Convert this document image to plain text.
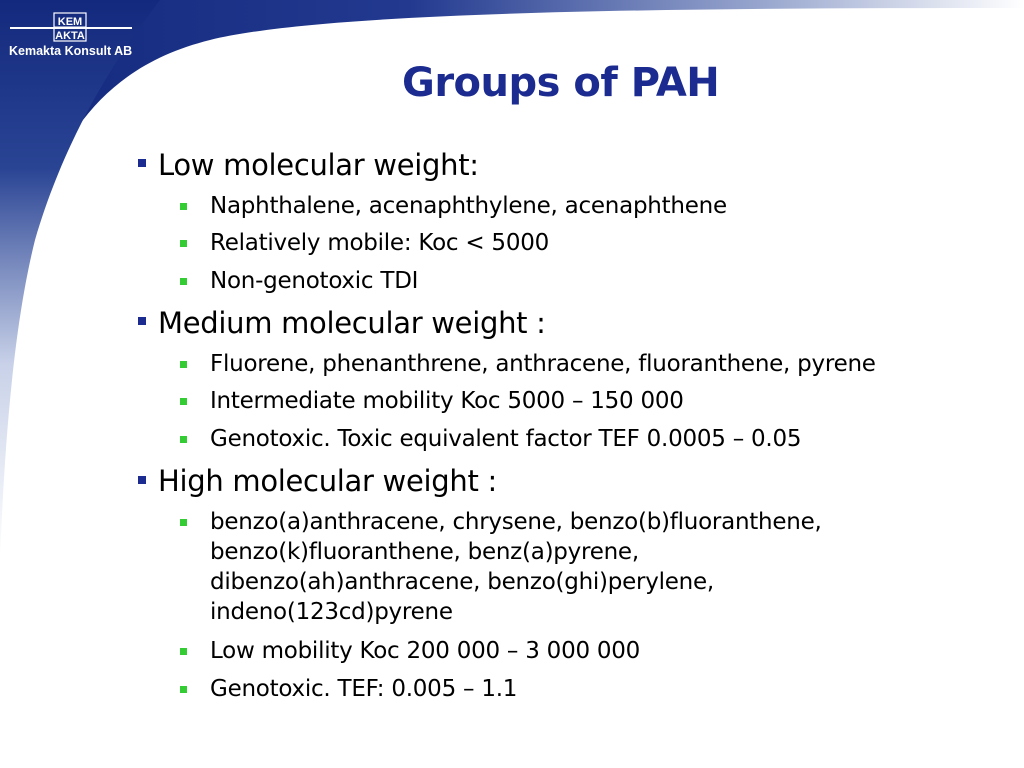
KEM
AKTA
Kemakta Konsult AB
Groups of PAH
Low molecular weight:
Naphthalene, acenaphthylene, acenaphthene
Relatively mobile: Koc < 5000
Non-genotoxic TDI
Medium molecular weight :
Fluorene, phenanthrene, anthracene, fluoranthene, pyrene
Intermediate mobility Koc 5000 – 150 000
Genotoxic. Toxic equivalent factor TEF 0.0005 – 0.05
High molecular weight :
benzo(a)anthracene, chrysene, benzo(b)fluoranthene,
benzo(k)fluoranthene, benz(a)pyrene,
dibenzo(ah)anthracene, benzo(ghi)perylene,
indeno(123cd)pyrene
Low mobility Koc 200 000 – 3 000 000
Genotoxic. TEF: 0.005 – 1.1
